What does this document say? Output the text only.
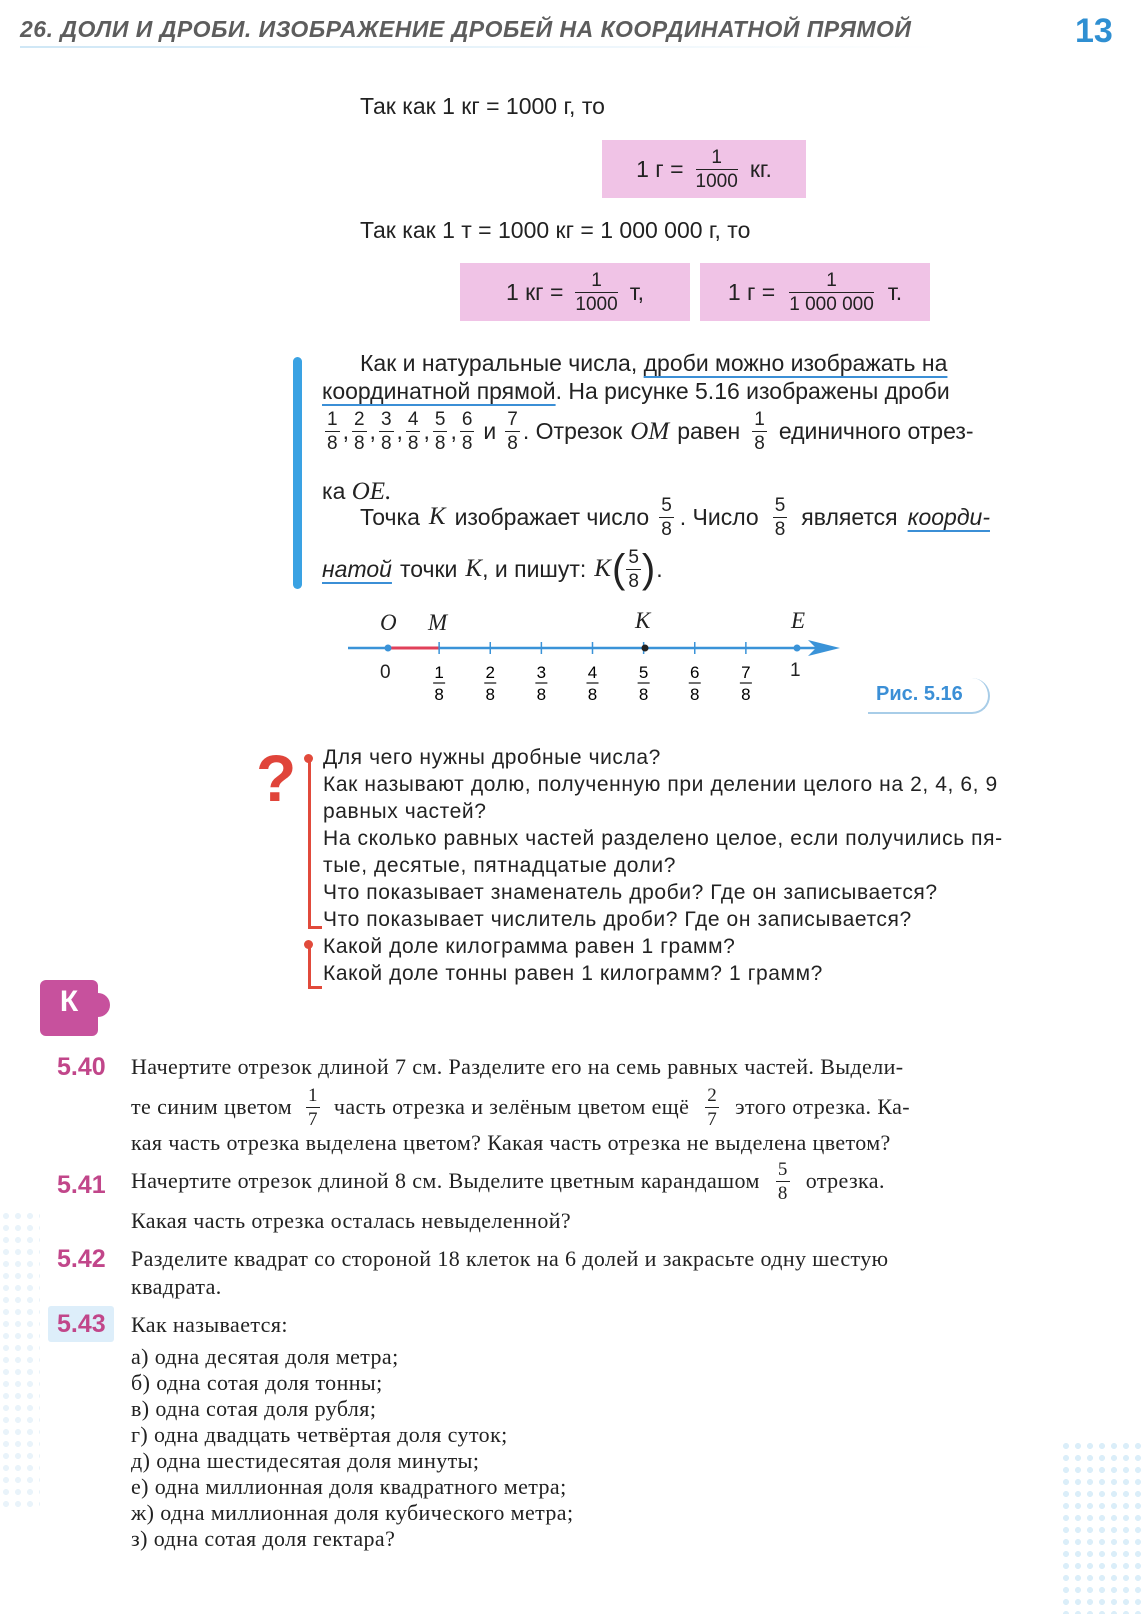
26. ДОЛИ И ДРОБИ. ИЗОБРАЖЕНИЕ ДРОБЕЙ НА КООРДИНАТНОЙ ПРЯМОЙ	13
Так как 1 кг = 1000 г, то
1 $г = \frac{1}{1000}$ кг.
Так как 1 т = 1000 кг = 1 000 000 г, то
1 кг = $\frac{1}{1000} т$,	1 $г = \frac{1}{1 000 000} т$.
Как и натуральные числа, дроби можно изображать на
координатной прямой. На рисунке 5.16 изображены дроби
$\frac{1}{8}$ , $\frac{2}{8}$ , $\frac{3}{8}$ , $\frac{4}{8}$ , $\frac{5}{8}$ , $\frac{6}{8}$ и $\frac{7}{8}$ . Отрезок OM равен $\frac{1}{8}$ единичного отрез-
ка OE.
Точка K изображает число $\frac{5}{8}$ . Число $\frac{5}{8}$ является коорди-
натой точки K , и пишут: K ( $\frac{5}{8}$ ) .
O M	K	E
0	1
1
8
2
8
3
8
4
8
5
8
6
8
7
8	Рис. 5.16
? Для чего нужны дробные числа?
Как называют долю, полученную при делении целого на 2, 4, 6, 9
равных частей?
На сколько равных частей разделено целое, если получились пя-
тые, десятые, пятнадцатые доли?
Что показывает знаменатель дроби? Где он записывается?
Что показывает числитель дроби? Где он записывается?
Какой доле килограмма равен 1 грамм?
Какой доле тонны равен 1 килограмм? 1 грамм?
К
5.40 Начертите отрезок длиной 7 см. Разделите его на семь равных частей. Выдели-
те синим цветом $\frac{1}{7}$ часть отрезка и зелёным цветом ещё $\frac{2}{7}$ этого отрезка. Ка-
кая часть отрезка выделена цветом? Какая часть отрезка не выделена цветом?
5.41 Начертите отрезок длиной 8 см. Выделите цветным карандашом $\frac{5}{8}$ отрезка.
Какая часть отрезка осталась невыделенной?
5.42 Разделите квадрат со стороной 18 клеток на 6 долей и закрасьте одну шестую
квадрата.
5.43 Как называется:
а) одна десятая доля метра;
б) одна сотая доля тонны;
в) одна сотая доля рубля;
г) одна двадцать четвёртая доля суток;
д) одна шестидесятая доля минуты;
е) одна миллионная доля квадратного метра;
ж) одна миллионная доля кубического метра;
з) одна сотая доля гектара?
